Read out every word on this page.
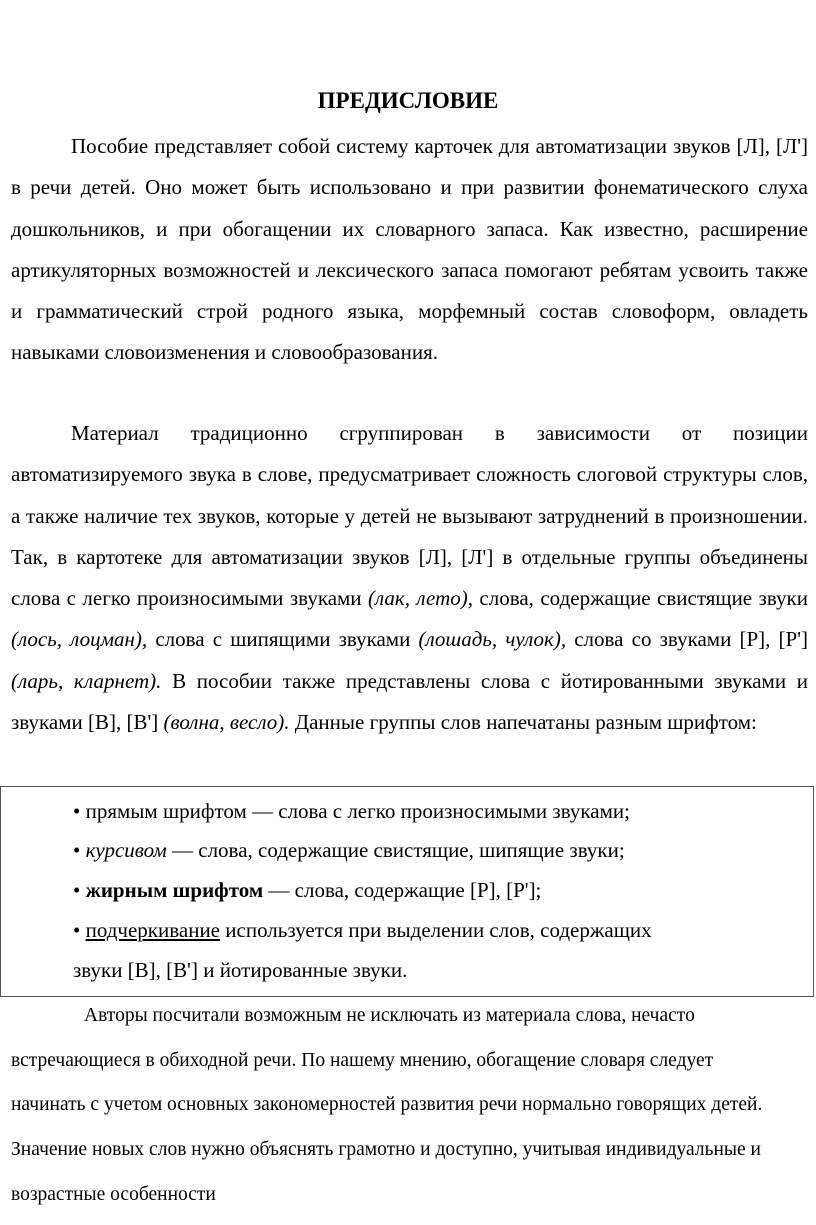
ПРЕДИСЛОВИЕ

Пособие представляет собой систему карточек для автоматизации звуков [Л], [Л'] в речи детей. Оно может быть использовано и при развитии фонематического слуха дошкольников, и при обогащении их словарного запаса. Как известно, расширение артикуляторных возможностей и лексического запаса помогают ребятам усвоить также и грамматический строй родного языка, морфемный состав словоформ, овладеть навыками словоизменения и словообразования.

Материал традиционно сгруппирован в зависимости от позиции автоматизируемого звука в слове, предусматривает сложность слоговой структуры слов, а также наличие тех звуков, которые у детей не вызывают затруднений в произношении. Так, в картотеке для автоматизации звуков [Л], [Л'] в отдельные группы объединены слова с легко произносимыми звуками (лак, лето), слова, содержащие свистящие звуки (лось, лоцман), слова с шипящими звуками (лошадь, чулок), слова со звуками [Р], [Р'] (ларь, кларнет). В пособии также представлены слова с йотированными звуками и звуками [В], [В'] (волна, весло). Данные группы слов напечатаны разным шрифтом:

• прямым шрифтом — слова с легко произносимыми звуками;

• курсивом — слова, содержащие свистящие, шипящие звуки;

• жирным шрифтом — слова, содержащие [Р], [Р'];

• подчеркивание используется при выделении слов, содержащих

звуки [В], [В'] и йотированные звуки.

Авторы посчитали возможным не исключать из материала слова, нечасто встречающиеся в обиходной речи. По нашему мнению, обогащение словаря следует начинать с учетом основных закономерностей развития речи нормально говорящих детей. Значение новых слов нужно объяснять грамотно и доступно, учитывая индивидуальные и возрастные особенности
